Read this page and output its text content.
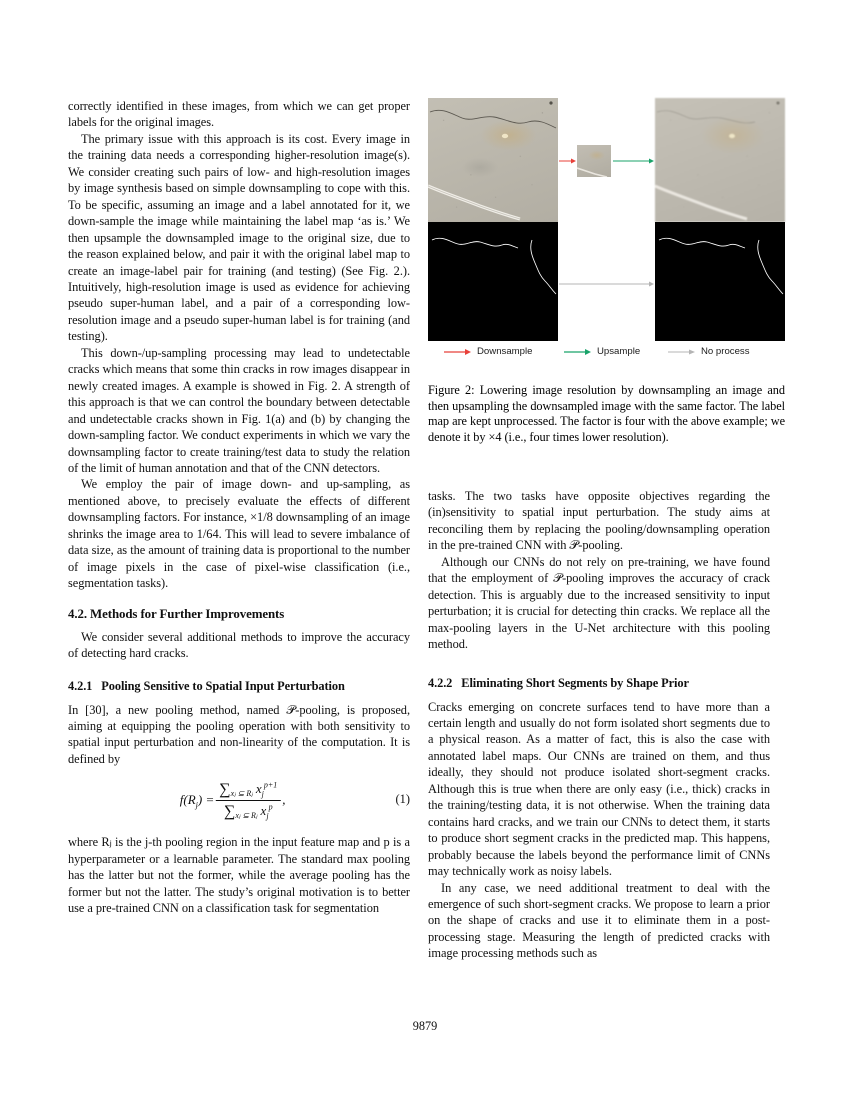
correctly identified in these images, from which we can get proper labels for the original images.

The primary issue with this approach is its cost. Every image in the training data needs a corresponding higher-resolution image(s). We consider creating such pairs of low- and high-resolution images by image synthesis based on simple downsampling to cope with this. To be specific, assuming an image and a label annotated for it, we down-sample the image while maintaining the label map ‘as is.’ We then upsample the downsampled image to the original size, due to the reason explained below, and pair it with the original label map to create an image-label pair for training (and testing) (See Fig. 2.). Intuitively, high-resolution image is used as evidence for achieving pseudo super-human label, and a pair of a corresponding low-resolution image and a pseudo super-human label is for training (and testing).

This down-/up-sampling processing may lead to undetectable cracks which means that some thin cracks in row images disappear in newly created images. A example is showed in Fig. 2. A strength of this approach is that we can control the boundary between detectable and undetectable cracks shown in Fig. 1(a) and (b) by changing the down-sampling factor. We conduct experiments in which we vary the downsampling factor to create training/test data to study the relation of the limit of human annotation and that of the CNN detectors.

We employ the pair of image down- and up-sampling, as mentioned above, to precisely evaluate the effects of different downsampling factors. For instance, ×1/8 downsampling of an image shrinks the image area to 1/64. This will lead to severe imbalance of data size, as the amount of training data is proportional to the number of image pixels in the case of pixel-wise classification (i.e., segmentation tasks).

4.2. Methods for Further Improvements

We consider several additional methods to improve the accuracy of detecting hard cracks.

4.2.1 Pooling Sensitive to Spatial Input Perturbation

In [30], a new pooling method, named 𝒫-pooling, is proposed, aiming at equipping the pooling operation with both sensitivity to spatial input perturbation and non-linearity of the computation. It is defined by

$f(R_j) = \frac{\sum_{xⱼ ⊆ Rⱼ} x_j^{p+1}}{\sum_{xⱼ ⊆ Rⱼ} x_j^p}$ ,	(1)

where Rⱼ is the j-th pooling region in the input feature map and p is a hyperparameter or a learnable parameter. The standard max pooling has the latter but not the former, while the average pooling has the former but not the latter. The study’s original motivation is to better use a pre-trained CNN on a classification task for segmentation

Downsample	Upsample	No process
Figure 2: Lowering image resolution by downsampling an image and then upsampling the downsampled image with the same factor. The label map are kept unprocessed. The factor is four with the above example; we denote it by ×4 (i.e., four times lower resolution).

tasks. The two tasks have opposite objectives regarding the (in)sensitivity to spatial input perturbation. The study aims at reconciling them by replacing the pooling/downsampling operation in the pre-trained CNN with 𝒫-pooling.

Although our CNNs do not rely on pre-training, we have found that the employment of 𝒫-pooling improves the accuracy of crack detection. This is arguably due to the increased sensitivity to input perturbation; it is crucial for detecting thin cracks. We replace all the max-pooling layers in the U-Net architecture with this pooling method.

4.2.2 Eliminating Short Segments by Shape Prior

Cracks emerging on concrete surfaces tend to have more than a certain length and usually do not form isolated short segments due to a physical reason. As a matter of fact, this is also the case with annotated label maps. Our CNNs are trained on them, and thus ideally, they should not produce isolated short-segment cracks. Although this is true when there are only easy (i.e., thick) cracks in the training/testing data, it is not otherwise. When the training data contains hard cracks, and we train our CNNs to detect them, it starts to produce short segment cracks in the predicted map. This happens, probably because the labels beyond the performance limit of CNNs may technically work as noisy labels.

In any case, we need additional treatment to deal with the emergence of such short-segment cracks. We propose to learn a prior on the shape of cracks and use it to eliminate them in a post-processing stage. Measuring the length of predicted cracks with image processing methods such as

9879
